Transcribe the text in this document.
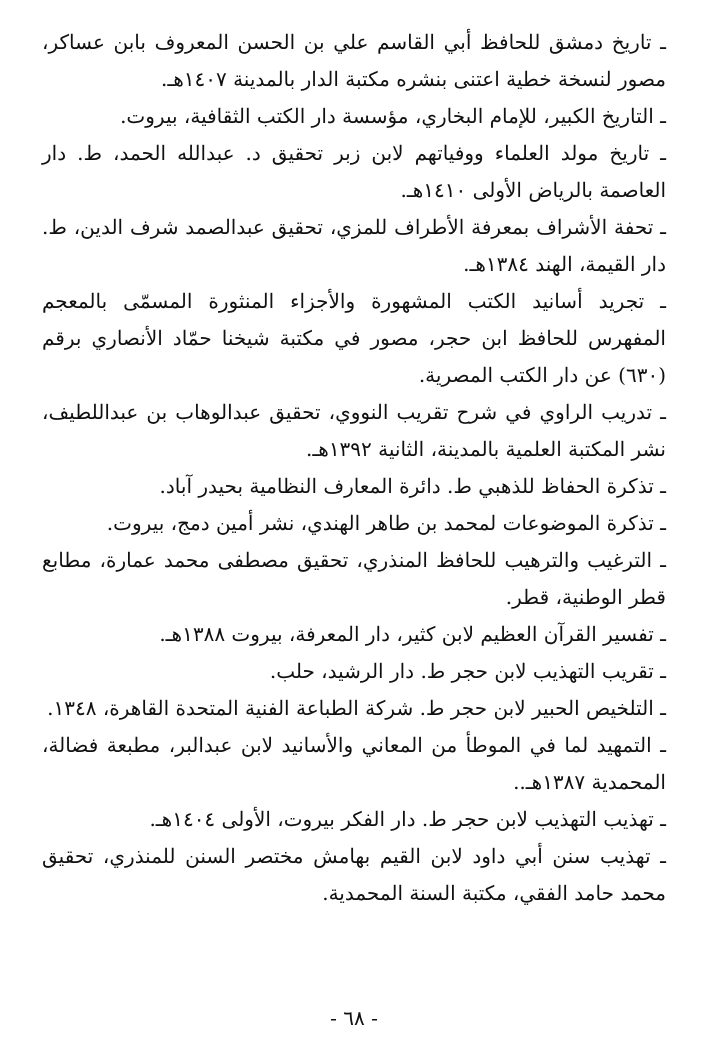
ـ تاريخ دمشق للحافظ أبي القاسم علي بن الحسن المعروف بابن عساكر، مصور لنسخة خطية اعتنى بنشره مكتبة الدار بالمدينة ١٤٠٧هـ.
ـ التاريخ الكبير، للإمام البخاري، مؤسسة دار الكتب الثقافية، بيروت.
ـ تاريخ مولد العلماء ووفياتهم لابن زبر تحقيق د. عبدالله الحمد، ط. دار العاصمة بالرياض الأولى ١٤١٠هـ.
ـ تحفة الأشراف بمعرفة الأطراف للمزي، تحقيق عبدالصمد شرف الدين، ط. دار القيمة، الهند ١٣٨٤هـ.
ـ تجريد أسانيد الكتب المشهورة والأجزاء المنثورة المسمّى بالمعجم المفهرس للحافظ ابن حجر، مصور في مكتبة شيخنا حمّاد الأنصاري برقم (٦٣٠) عن دار الكتب المصرية.
ـ تدريب الراوي في شرح تقريب النووي، تحقيق عبدالوهاب بن عبداللطيف، نشر المكتبة العلمية بالمدينة، الثانية ١٣٩٢هـ.
ـ تذكرة الحفاظ للذهبي ط. دائرة المعارف النظامية بحيدر آباد.
ـ تذكرة الموضوعات لمحمد بن طاهر الهندي، نشر أمين دمج، بيروت.
ـ الترغيب والترهيب للحافظ المنذري، تحقيق مصطفى محمد عمارة، مطابع قطر الوطنية، قطر.
ـ تفسير القرآن العظيم لابن كثير، دار المعرفة، بيروت ١٣٨٨هـ.
ـ تقريب التهذيب لابن حجر ط. دار الرشيد، حلب.
ـ التلخيص الحبير لابن حجر ط. شركة الطباعة الفنية المتحدة القاهرة، ١٣٤٨.
ـ التمهيد لما في الموطأ من المعاني والأسانيد لابن عبدالبر، مطبعة فضالة، المحمدية ١٣٨٧هـ..
ـ تهذيب التهذيب لابن حجر ط. دار الفكر بيروت، الأولى ١٤٠٤هـ.
ـ تهذيب سنن أبي داود لابن القيم بهامش مختصر السنن للمنذري، تحقيق محمد حامد الفقي، مكتبة السنة المحمدية.

- ٦٨ -
